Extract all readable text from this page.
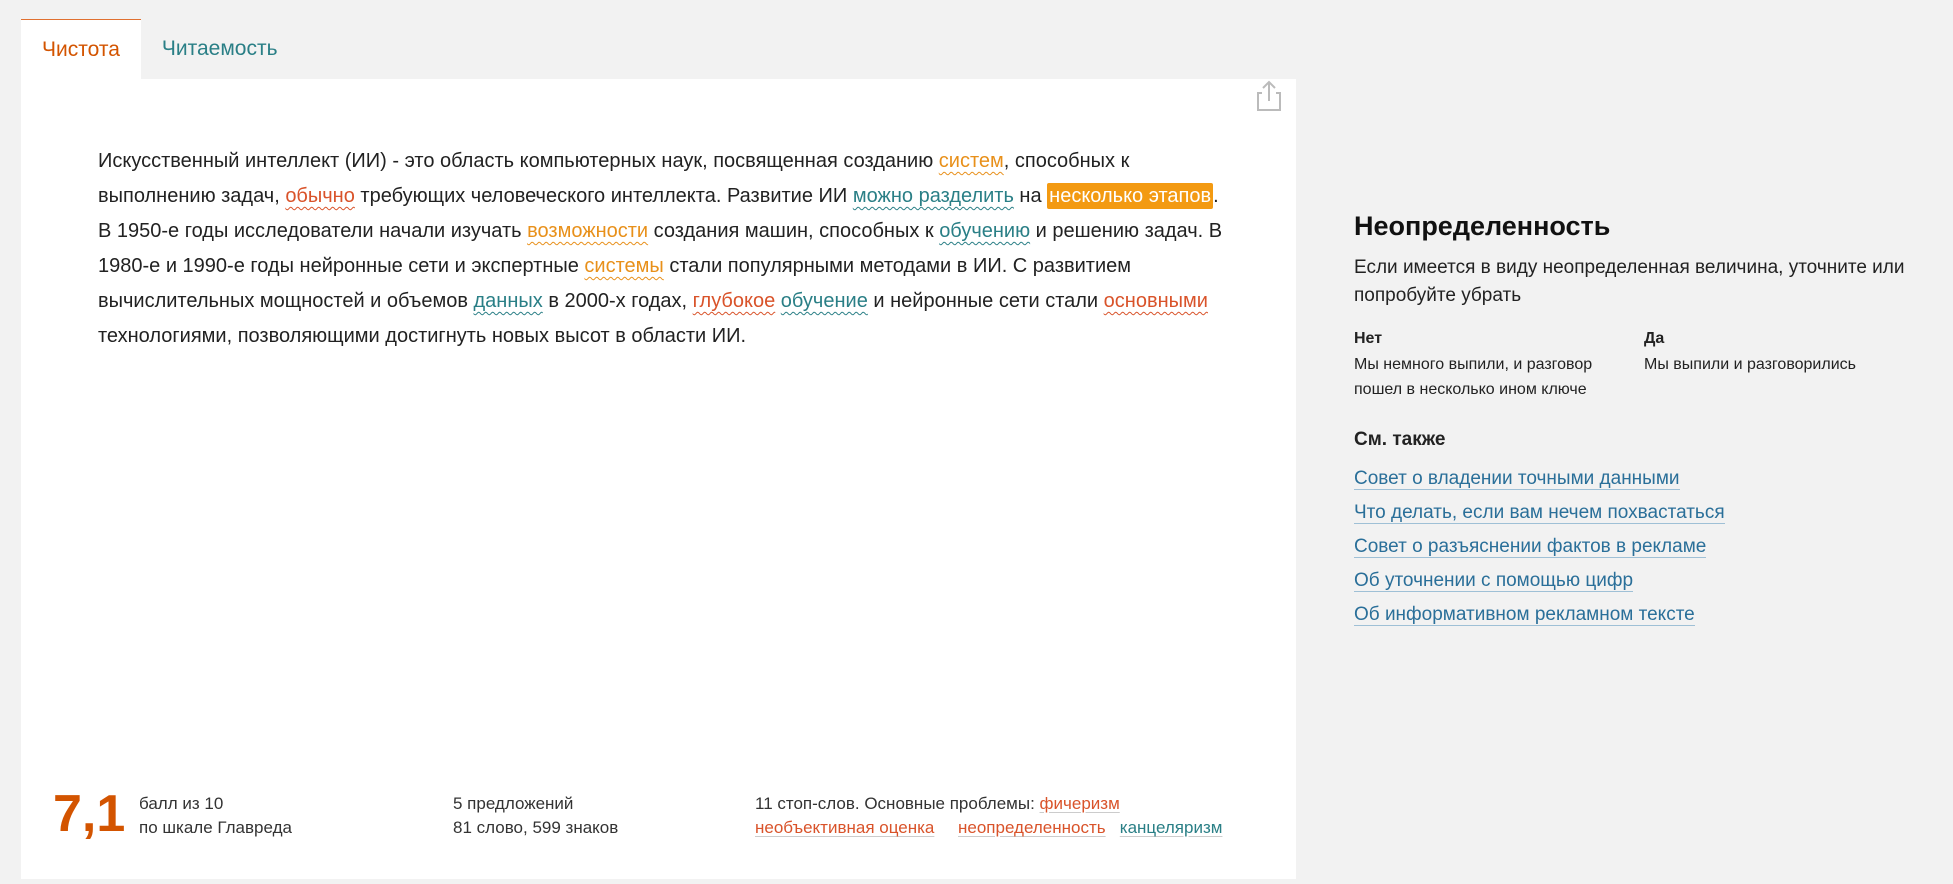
Чистота	Читаемость
Искусственный интеллект (ИИ) - это область компьютерных наук, посвященная созданию систем, способных к выполнению задач, обычно требующих человеческого интеллекта. Развитие ИИ можно разделить на несколько этапов .
В 1950-е годы исследователи начали изучать возможности создания машин, способных к обучению и решению задач. В 1980-е и 1990-е годы нейронные сети и экспертные системы стали популярными методами в ИИ. С развитием вычислительных мощностей и объемов данных в 2000-х годах, глубокое обучение и нейронные сети стали основными технологиями, позволяющими достигнуть новых высот в области ИИ.
7,1 балл из 10
по шкале Главреда
5 предложений
81 слово, 599 знаков
11 стоп-слов. Основные проблемы: фичеризм
необъективная оценка неопределенность канцеляризм
Неопределенность
Если имеется в виду неопределенная величина, уточните или попробуйте убрать
Нет
Мы немного выпили, и разговор пошел в несколько ином ключе
Да
Мы выпили и разговорились
См. также
Совет о владении точными данными
Что делать, если вам нечем похвастаться
Совет о разъяснении фактов в рекламе
Об уточнении с помощью цифр
Об информативном рекламном тексте
